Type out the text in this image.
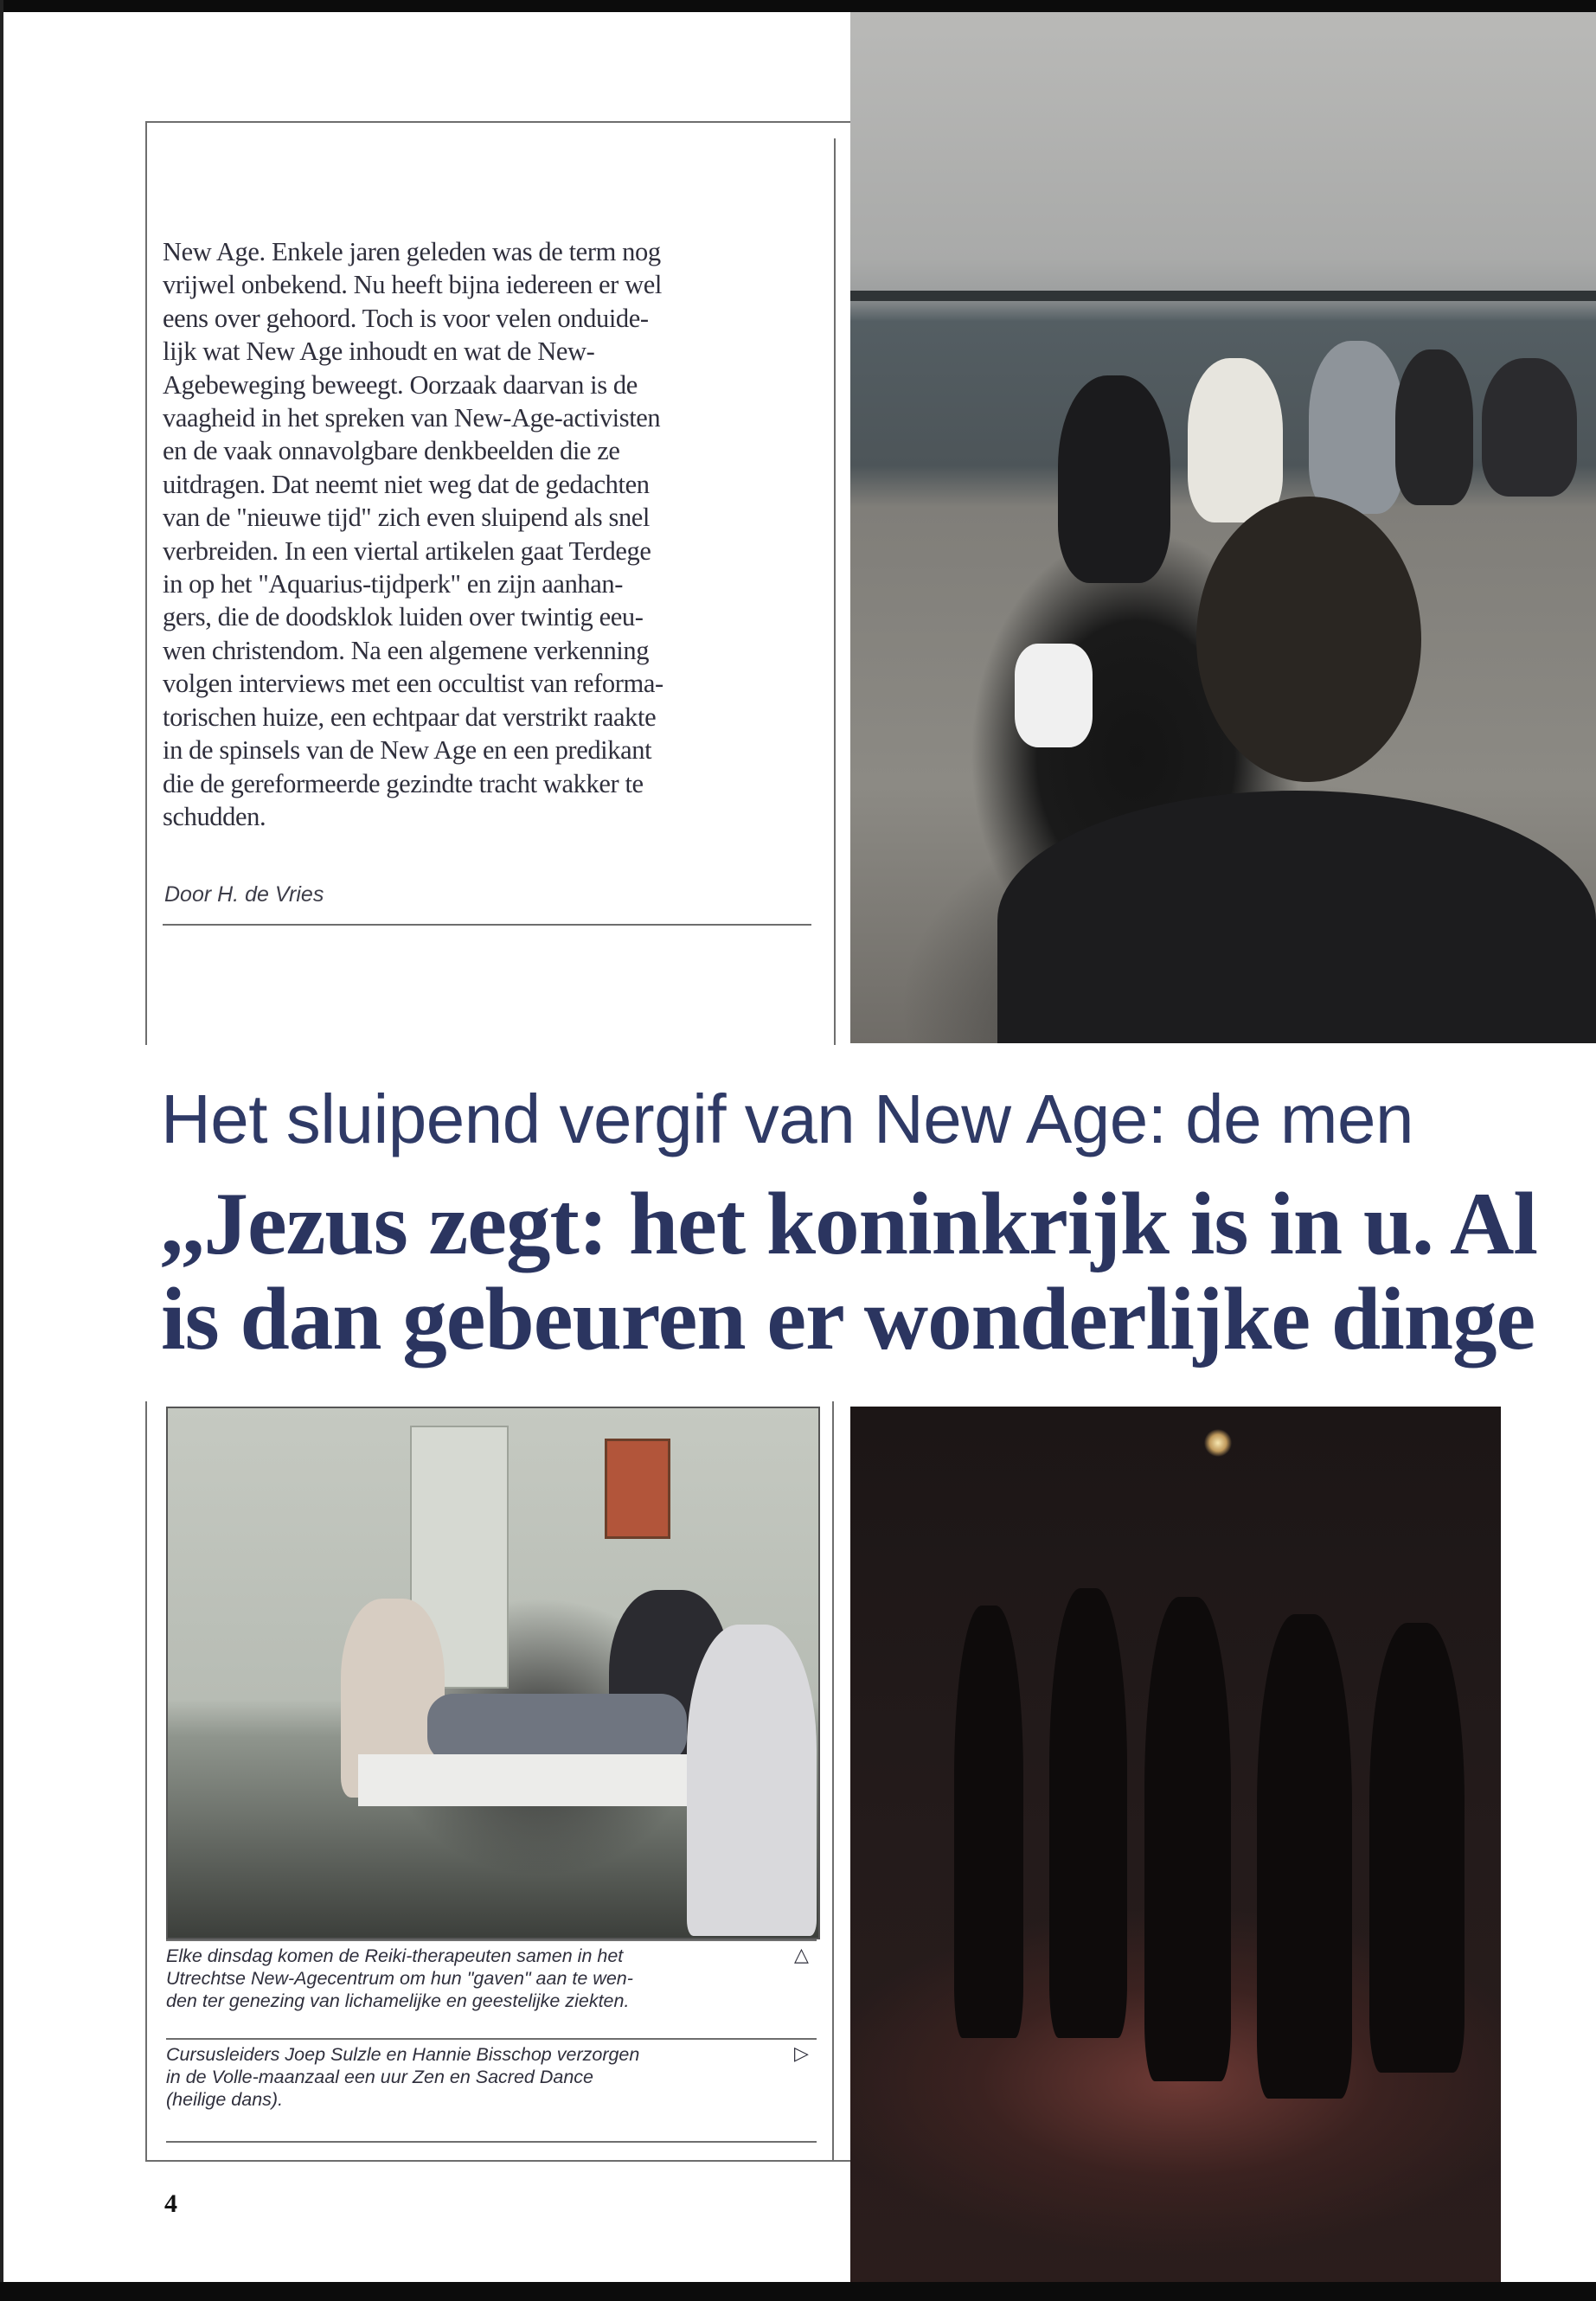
New Age. Enkele jaren geleden was de term nog
vrijwel onbekend. Nu heeft bijna iedereen er wel
eens over gehoord. Toch is voor velen onduide-
lijk wat New Age inhoudt en wat de New-
Agebeweging beweegt. Oorzaak daarvan is de
vaagheid in het spreken van New-Age-activisten
en de vaak onnavolgbare denkbeelden die ze
uitdragen. Dat neemt niet weg dat de gedachten
van de "nieuwe tijd" zich even sluipend als snel
verbreiden. In een viertal artikelen gaat Terdege
in op het "Aquarius-tijdperk" en zijn aanhan-
gers, die de doodsklok luiden over twintig eeu-
wen christendom. Na een algemene verkenning
volgen interviews met een occultist van reforma-
torischen huize, een echtpaar dat verstrikt raakte
in de spinsels van de New Age en een predikant
die de gereformeerde gezindte tracht wakker te
schudden.
Door H. de Vries
Het sluipend vergif van New Age: de men
,,Jezus zegt: het koninkrijk is in u. Al
is dan gebeuren er wonderlijke dinge
Elke dinsdag komen de Reiki-therapeuten samen in het
Utrechtse New-Agecentrum om hun "gaven" aan te wen-
den ter genezing van lichamelijke en geestelijke ziekten.
△
Cursusleiders Joep Sulzle en Hannie Bisschop verzorgen
in de Volle-maanzaal een uur Zen en Sacred Dance
(heilige dans).
▷
4
